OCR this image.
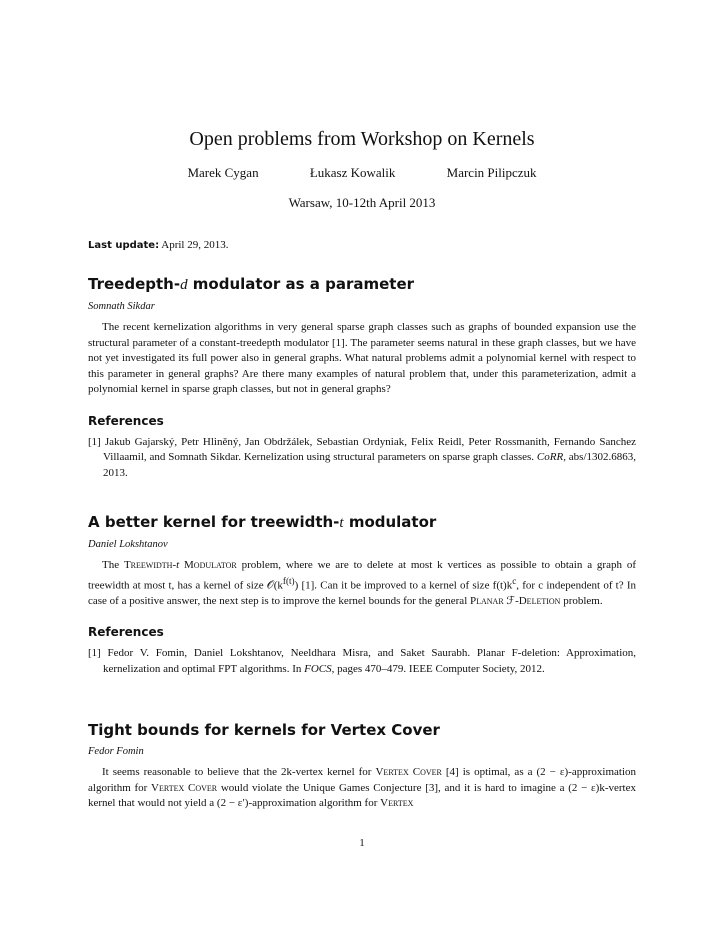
Open problems from Workshop on Kernels
Marek Cygan	Łukasz Kowalik	Marcin Pilipczuk
Warsaw, 10-12th April 2013
Last update: April 29, 2013.
Treedepth-d modulator as a parameter
Somnath Sikdar

The recent kernelization algorithms in very general sparse graph classes such as graphs of bounded expansion use the structural parameter of a constant-treedepth modulator [1]. The parameter seems natural in these graph classes, but we have not yet investigated its full power also in general graphs. What natural problems admit a polynomial kernel with respect to this parameter in general graphs? Are there many examples of natural problem that, under this parameterization, admit a polynomial kernel in sparse graph classes, but not in general graphs?

References
[1] Jakub Gajarský, Petr Hliněný, Jan Obdržálek, Sebastian Ordyniak, Felix Reidl, Peter Rossmanith, Fernando Sanchez Villaamil, and Somnath Sikdar. Kernelization using structural parameters on sparse graph classes. CoRR, abs/1302.6863, 2013.
A better kernel for treewidth-t modulator
Daniel Lokshtanov

The Treewidth-t Modulator problem, where we are to delete at most k vertices as possible to obtain a graph of treewidth at most t, has a kernel of size $𝒪(k^{f(t)})$ [1]. Can it be improved to a kernel of size $f(t)k^c$, for c independent of t? In case of a positive answer, the next step is to improve the kernel bounds for the general Planar ℱ-Deletion problem.

References
[1] Fedor V. Fomin, Daniel Lokshtanov, Neeldhara Misra, and Saket Saurabh. Planar F-deletion: Approximation, kernelization and optimal FPT algorithms. In FOCS, pages 470–479. IEEE Computer Society, 2012.
Tight bounds for kernels for Vertex Cover
Fedor Fomin

It seems reasonable to believe that the 2k-vertex kernel for Vertex Cover [4] is optimal, as a (2 − ε)-approximation algorithm for Vertex Cover would violate the Unique Games Conjecture [3], and it is hard to imagine a (2 − ε)k-vertex kernel that would not yield a (2 − ε′)-approximation algorithm for Vertex

1
